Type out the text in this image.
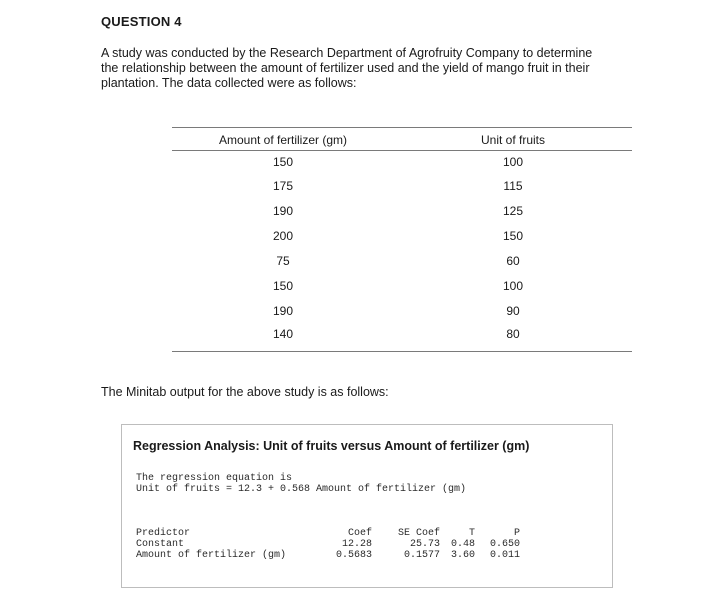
QUESTION 4
A study was conducted by the Research Department of Agrofruity Company to determine
the relationship between the amount of fertilizer used and the yield of mango fruit in their
plantation. The data collected were as follows:
Amount of fertilizer (gm)	Unit of fruits
150	100
175	115
190	125
200	150
75	60
150	100
190	90
140	80
The Minitab output for the above study is as follows:
Regression Analysis: Unit of fruits versus Amount of fertilizer (gm)
The regression equation is
Unit of fruits = 12.3 + 0.568 Amount of fertilizer (gm)
Predictor	Coef	SE Coef	T	P
Constant	12.28	25.73	0.48	0.650
Amount of fertilizer (gm)	0.5683	0.1577	3.60	0.011
